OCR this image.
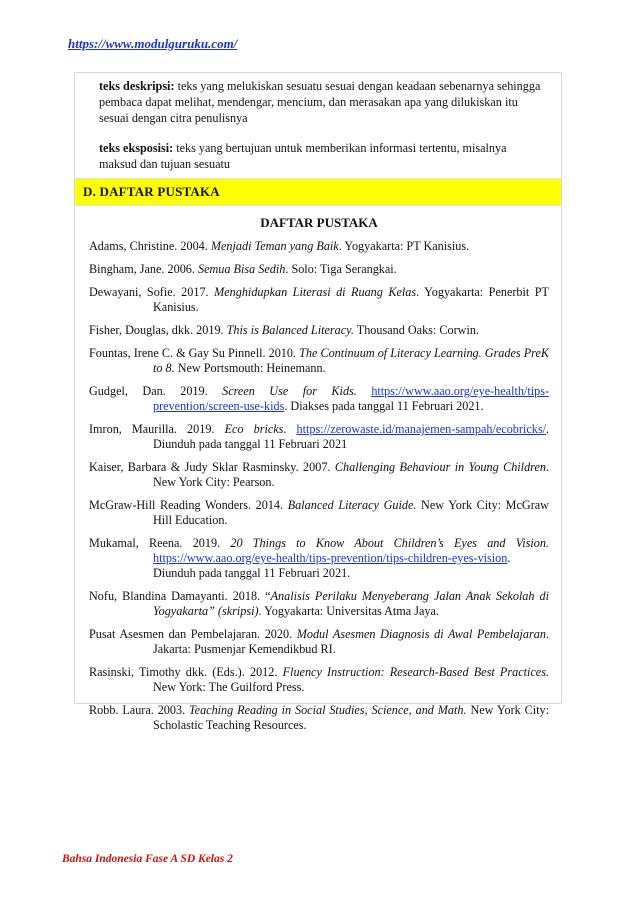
https://www.modulguruku.com/

teks deskripsi: teks yang melukiskan sesuatu sesuai dengan keadaan sebenarnya sehingga pembaca dapat melihat, mendengar, mencium, dan merasakan apa yang dilukiskan itu sesuai dengan citra penulisnya

teks eksposisi: teks yang bertujuan untuk memberikan informasi tertentu, misalnya maksud dan tujuan sesuatu

D. DAFTAR PUSTAKA
DAFTAR PUSTAKA

Adams, Christine. 2004. Menjadi Teman yang Baik. Yogyakarta: PT Kanisius.

Bingham, Jane. 2006. Semua Bisa Sedih. Solo: Tiga Serangkai.

Dewayani, Sofie. 2017. Menghidupkan Literasi di Ruang Kelas. Yogyakarta: Penerbit PT Kanisius.

Fisher, Douglas, dkk. 2019. This is Balanced Literacy. Thousand Oaks: Corwin.

Fountas, Irene C. & Gay Su Pinnell. 2010. The Continuum of Literacy Learning. Grades PreK to 8. New Portsmouth: Heinemann.

Gudgel, Dan. 2019. Screen Use for Kids. https://www.aao.org/eye-health/tips-prevention/screen-use-kids. Diakses pada tanggal 11 Februari 2021.

Imron, Maurilla. 2019. Eco bricks. https://zerowaste.id/manajemen-sampah/ecobricks/. Diunduh pada tanggal 11 Februari 2021

Kaiser, Barbara & Judy Sklar Rasminsky. 2007. Challenging Behaviour in Young Children. New York City: Pearson.

McGraw-Hill Reading Wonders. 2014. Balanced Literacy Guide. New York City: McGraw Hill Education.

Mukamal, Reena. 2019. 20 Things to Know About Children’s Eyes and Vision. https://www.aao.org/eye-health/tips-prevention/tips-children-eyes-vision. Diunduh pada tanggal 11 Februari 2021.

Nofu, Blandina Damayanti. 2018. “Analisis Perilaku Menyeberang Jalan Anak Sekolah di Yogyakarta” (skripsi). Yogyakarta: Universitas Atma Jaya.

Pusat Asesmen dan Pembelajaran. 2020. Modul Asesmen Diagnosis di Awal Pembelajaran. Jakarta: Pusmenjar Kemendikbud RI.

Rasinski, Timothy dkk. (Eds.). 2012. Fluency Instruction: Research-Based Best Practices. New York: The Guilford Press.

Robb. Laura. 2003. Teaching Reading in Social Studies, Science, and Math. New York City: Scholastic Teaching Resources.

Bahsa Indonesia Fase A SD Kelas 2
